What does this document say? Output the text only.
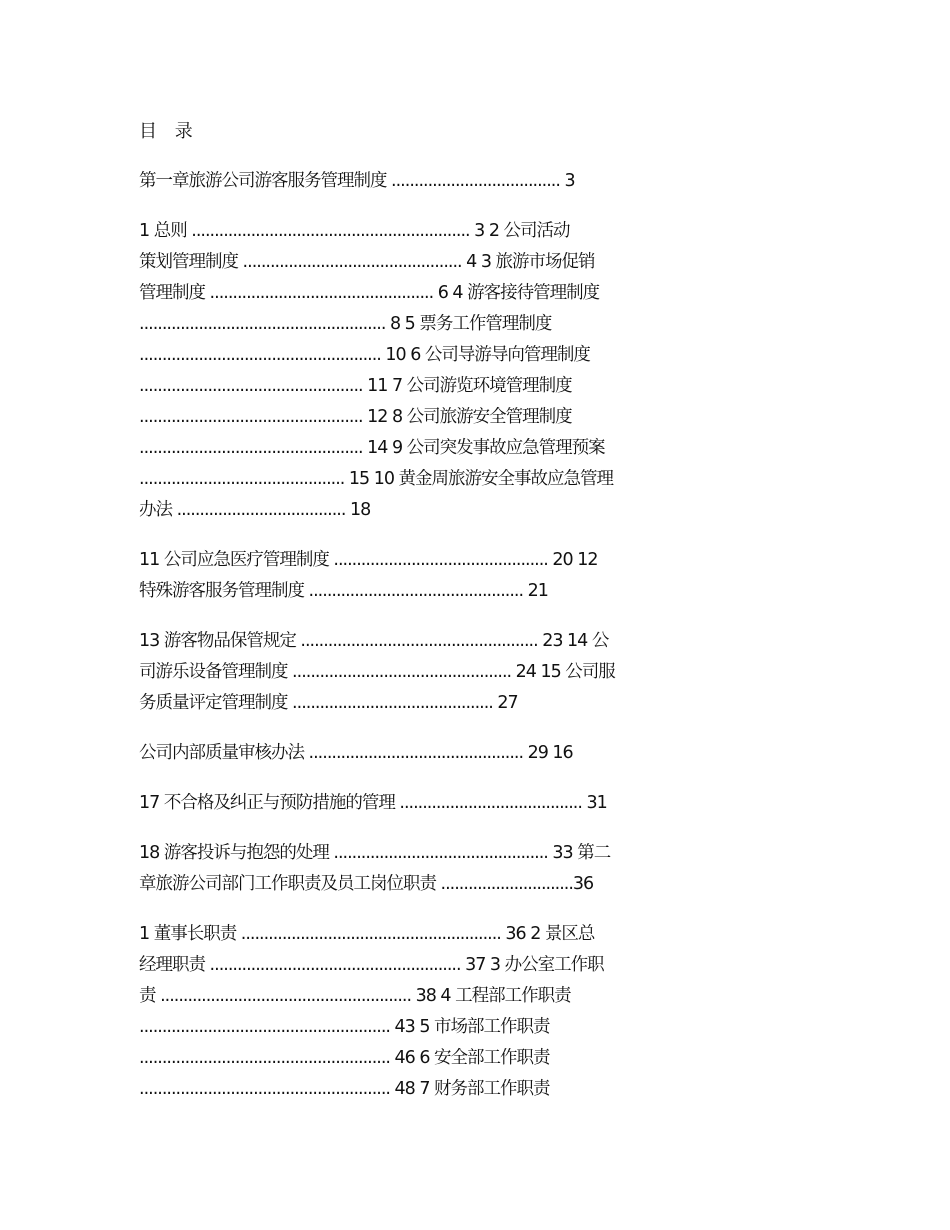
目 录
第一章旅游公司游客服务管理制度 ..................................... 3
1 总则 ............................................................. 3 2 公司活动
策划管理制度 ................................................ 4 3 旅游市场促销
管理制度 ................................................. 6 4 游客接待管理制度
...................................................... 8 5 票务工作管理制度
..................................................... 10 6 公司导游导向管理制度
................................................. 11 7 公司游览环境管理制度
................................................. 12 8 公司旅游安全管理制度
................................................. 14 9 公司突发事故应急管理预案
............................................. 15 10 黄金周旅游安全事故应急管理
办法 ..................................... 18
11 公司应急医疗管理制度 ............................................... 20 12
特殊游客服务管理制度 ............................................... 21
13 游客物品保管规定 .................................................... 23 14 公
司游乐设备管理制度 ................................................ 24 15 公司服
务质量评定管理制度 ............................................ 27
公司内部质量审核办法 ............................................... 29 16
17 不合格及纠正与预防措施的管理 ........................................ 31
18 游客投诉与抱怨的处理 ............................................... 33 第二
章旅游公司部门工作职责及员工岗位职责 .............................36
1 董事长职责 ......................................................... 36 2 景区总
经理职责 ....................................................... 37 3 办公室工作职
责 ....................................................... 38 4 工程部工作职责
....................................................... 43 5 市场部工作职责
....................................................... 46 6 安全部工作职责
....................................................... 48 7 财务部工作职责
